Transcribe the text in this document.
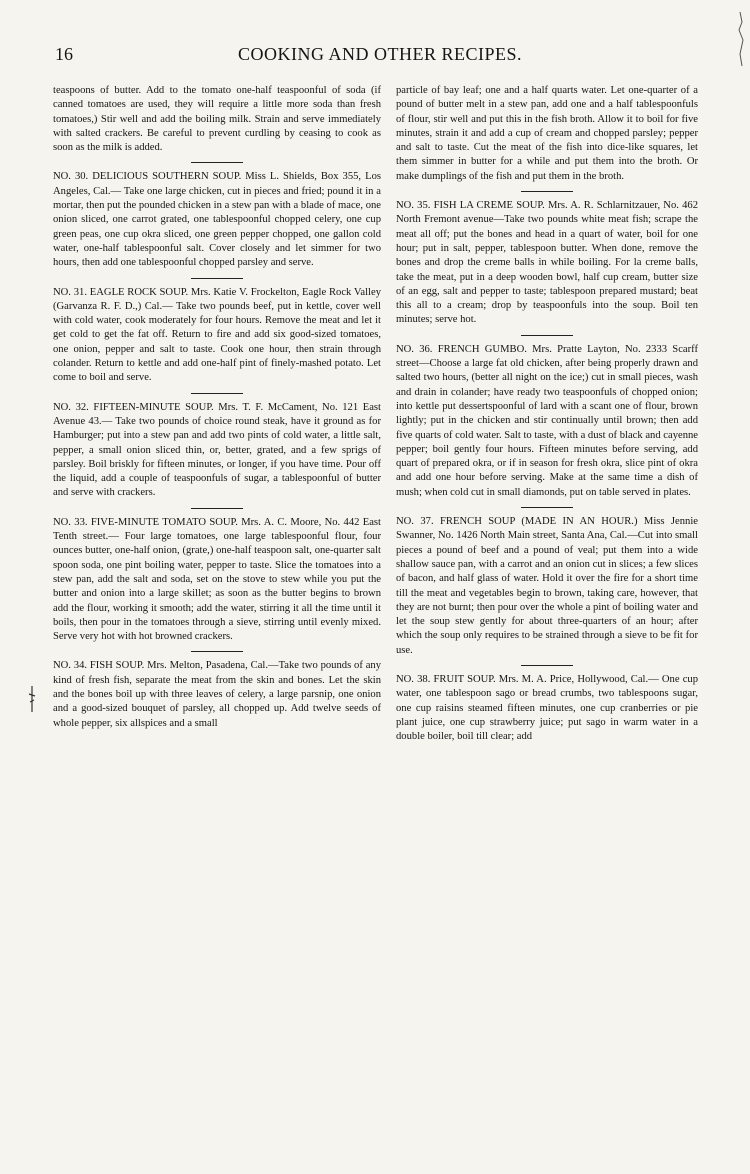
16	COOKING AND OTHER RECIPES.

teaspoons of butter. Add to the tomato one-half teaspoonful of soda (if canned tomatoes are used, they will require a little more soda than fresh tomatoes,) Stir well and add the boiling milk. Strain and serve immediately with salted crackers. Be careful to prevent curdling by ceasing to cook as soon as the milk is added.

NO. 30. DELICIOUS SOUTHERN SOUP. Miss L. Shields, Box 355, Los Angeles, Cal.— Take one large chicken, cut in pieces and fried; pound it in a mortar, then put the pounded chicken in a stew pan with a blade of mace, one onion sliced, one carrot grated, one tablespoonful chopped celery, one cup green peas, one cup okra sliced, one green pepper chopped, one gallon cold water, one-half tablespoonful salt. Cover closely and let simmer for two hours, then add one tablespoonful chopped parsley and serve.

NO. 31. EAGLE ROCK SOUP. Mrs. Katie V. Frockelton, Eagle Rock Valley (Garvanza R. F. D.,) Cal.— Take two pounds beef, put in kettle, cover well with cold water, cook moderately for four hours. Remove the meat and let it get cold to get the fat off. Return to fire and add six good-sized tomatoes, one onion, pepper and salt to taste. Cook one hour, then strain through colander. Return to kettle and add one-half pint of finely-mashed potato. Let come to boil and serve.

NO. 32. FIFTEEN-MINUTE SOUP. Mrs. T. F. McCament, No. 121 East Avenue 43.— Take two pounds of choice round steak, have it ground as for Hamburger; put into a stew pan and add two pints of cold water, a little salt, pepper, a small onion sliced thin, or, better, grated, and a few sprigs of parsley. Boil briskly for fifteen minutes, or longer, if you have time. Pour off the liquid, add a couple of teaspoonfuls of sugar, a tablespoonful of butter and serve with crackers.

NO. 33. FIVE-MINUTE TOMATO SOUP. Mrs. A. C. Moore, No. 442 East Tenth street.— Four large tomatoes, one large tablespoonful flour, four ounces butter, one-half onion, (grate,) one-half teaspoon salt, one-quarter salt spoon soda, one pint boiling water, pepper to taste. Slice the tomatoes into a stew pan, add the salt and soda, set on the stove to stew while you put the butter and onion into a large skillet; as soon as the butter begins to brown add the flour, working it smooth; add the water, stirring it all the time until it boils, then pour in the tomatoes through a sieve, stirring until evenly mixed. Serve very hot with hot browned crackers.

NO. 34. FISH SOUP. Mrs. Melton, Pasadena, Cal.—Take two pounds of any kind of fresh fish, separate the meat from the skin and bones. Let the skin and the bones boil up with three leaves of celery, a large parsnip, one onion and a good-sized bouquet of parsley, all chopped up. Add twelve seeds of whole pepper, six allspices and a small

particle of bay leaf; one and a half quarts water. Let one-quarter of a pound of butter melt in a stew pan, add one and a half tablespoonfuls of flour, stir well and put this in the fish broth. Allow it to boil for five minutes, strain it and add a cup of cream and chopped parsley; pepper and salt to taste. Cut the meat of the fish into dice-like squares, let them simmer in butter for a while and put them into the broth. Or make dumplings of the fish and put them in the broth.

NO. 35. FISH LA CREME SOUP. Mrs. A. R. Schlarnitzauer, No. 462 North Fremont avenue—Take two pounds white meat fish; scrape the meat all off; put the bones and head in a quart of water, boil for one hour; put in salt, pepper, tablespoon butter. When done, remove the bones and drop the creme balls in while boiling. For la creme balls, take the meat, put in a deep wooden bowl, half cup cream, butter size of an egg, salt and pepper to taste; tablespoon prepared mustard; beat this all to a cream; drop by teaspoonfuls into the soup. Boil ten minutes; serve hot.

NO. 36. FRENCH GUMBO. Mrs. Pratte Layton, No. 2333 Scarff street—Choose a large fat old chicken, after being properly drawn and salted two hours, (better all night on the ice;) cut in small pieces, wash and drain in colander; have ready two teaspoonfuls of chopped onion; into kettle put dessertspoonful of lard with a scant one of flour, brown lightly; put in the chicken and stir continually until brown; then add five quarts of cold water. Salt to taste, with a dust of black and cayenne pepper; boil gently four hours. Fifteen minutes before serving, add quart of prepared okra, or if in season for fresh okra, slice pint of okra and add one hour before serving. Make at the same time a dish of mush; when cold cut in small diamonds, put on table served in plates.

NO. 37. FRENCH SOUP (MADE IN AN HOUR.) Miss Jennie Swanner, No. 1426 North Main street, Santa Ana, Cal.—Cut into small pieces a pound of beef and a pound of veal; put them into a wide shallow sauce pan, with a carrot and an onion cut in slices; a few slices of bacon, and half glass of water. Hold it over the fire for a short time till the meat and vegetables begin to brown, taking care, however, that they are not burnt; then pour over the whole a pint of boiling water and let the soup stew gently for about three-quarters of an hour; after which the soup only requires to be strained through a sieve to be fit for use.

NO. 38. FRUIT SOUP. Mrs. M. A. Price, Hollywood, Cal.— One cup water, one tablespoon sago or bread crumbs, two tablespoons sugar, one cup raisins steamed fifteen minutes, one cup cranberries or pie plant juice, one cup strawberry juice; put sago in warm water in a double boiler, boil till clear; add
